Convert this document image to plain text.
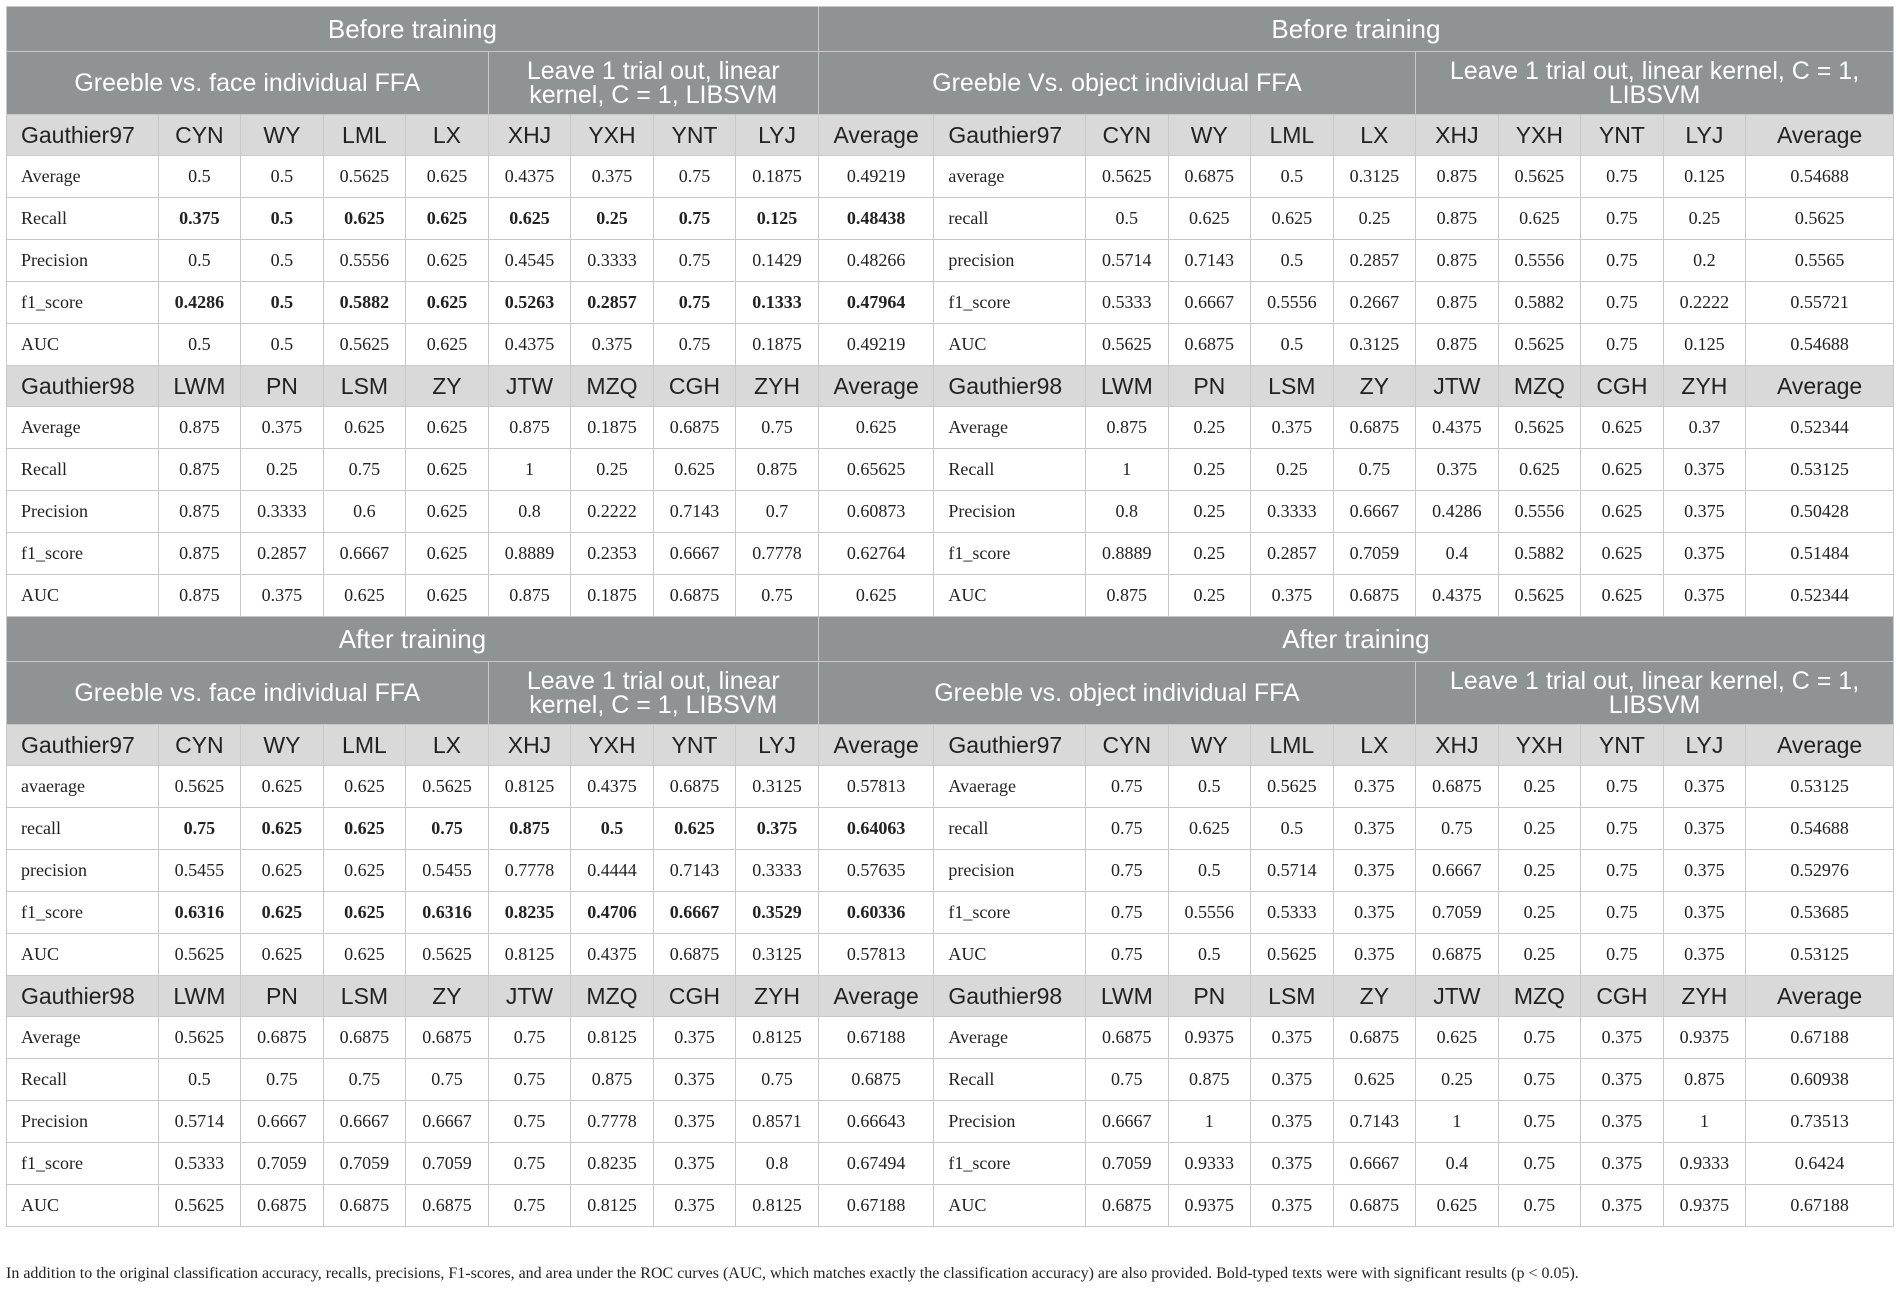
Before training									Before training										
Greeble vs. face individual FFA					Leave 1 trial out, linear kernel, C = 1, LIBSVM				Greeble Vs. object individual FFA						Leave 1 trial out, linear kernel, C = 1, LIBSVM				
Gauthier97	CYN	WY	LML	LX	XHJ	YXH	YNT	LYJ	Average	Gauthier97	CYN	WY	LML	LX	XHJ	YXH	YNT	LYJ	Average
Average	0.5	0.5	0.5625	0.625	0.4375	0.375	0.75	0.1875	0.49219	average	0.5625	0.6875	0.5	0.3125	0.875	0.5625	0.75	0.125	0.54688
Recall	0.375	0.5	0.625	0.625	0.625	0.25	0.75	0.125	0.48438	recall	0.5	0.625	0.625	0.25	0.875	0.625	0.75	0.25	0.5625
Precision	0.5	0.5	0.5556	0.625	0.4545	0.3333	0.75	0.1429	0.48266	precision	0.5714	0.7143	0.5	0.2857	0.875	0.5556	0.75	0.2	0.5565
f1_score	0.4286	0.5	0.5882	0.625	0.5263	0.2857	0.75	0.1333	0.47964	f1_score	0.5333	0.6667	0.5556	0.2667	0.875	0.5882	0.75	0.2222	0.55721
AUC	0.5	0.5	0.5625	0.625	0.4375	0.375	0.75	0.1875	0.49219	AUC	0.5625	0.6875	0.5	0.3125	0.875	0.5625	0.75	0.125	0.54688
Gauthier98	LWM	PN	LSM	ZY	JTW	MZQ	CGH	ZYH	Average	Gauthier98	LWM	PN	LSM	ZY	JTW	MZQ	CGH	ZYH	Average
Average	0.875	0.375	0.625	0.625	0.875	0.1875	0.6875	0.75	0.625	Average	0.875	0.25	0.375	0.6875	0.4375	0.5625	0.625	0.37	0.52344
Recall	0.875	0.25	0.75	0.625	1	0.25	0.625	0.875	0.65625	Recall	1	0.25	0.25	0.75	0.375	0.625	0.625	0.375	0.53125
Precision	0.875	0.3333	0.6	0.625	0.8	0.2222	0.7143	0.7	0.60873	Precision	0.8	0.25	0.3333	0.6667	0.4286	0.5556	0.625	0.375	0.50428
f1_score	0.875	0.2857	0.6667	0.625	0.8889	0.2353	0.6667	0.7778	0.62764	f1_score	0.8889	0.25	0.2857	0.7059	0.4	0.5882	0.625	0.375	0.51484
AUC	0.875	0.375	0.625	0.625	0.875	0.1875	0.6875	0.75	0.625	AUC	0.875	0.25	0.375	0.6875	0.4375	0.5625	0.625	0.375	0.52344
After training									After training										
Greeble vs. face individual FFA					Leave 1 trial out, linear kernel, C = 1, LIBSVM				Greeble vs. object individual FFA						Leave 1 trial out, linear kernel, C = 1, LIBSVM				
Gauthier97	CYN	WY	LML	LX	XHJ	YXH	YNT	LYJ	Average	Gauthier97	CYN	WY	LML	LX	XHJ	YXH	YNT	LYJ	Average
avaerage	0.5625	0.625	0.625	0.5625	0.8125	0.4375	0.6875	0.3125	0.57813	Avaerage	0.75	0.5	0.5625	0.375	0.6875	0.25	0.75	0.375	0.53125
recall	0.75	0.625	0.625	0.75	0.875	0.5	0.625	0.375	0.64063	recall	0.75	0.625	0.5	0.375	0.75	0.25	0.75	0.375	0.54688
precision	0.5455	0.625	0.625	0.5455	0.7778	0.4444	0.7143	0.3333	0.57635	precision	0.75	0.5	0.5714	0.375	0.6667	0.25	0.75	0.375	0.52976
f1_score	0.6316	0.625	0.625	0.6316	0.8235	0.4706	0.6667	0.3529	0.60336	f1_score	0.75	0.5556	0.5333	0.375	0.7059	0.25	0.75	0.375	0.53685
AUC	0.5625	0.625	0.625	0.5625	0.8125	0.4375	0.6875	0.3125	0.57813	AUC	0.75	0.5	0.5625	0.375	0.6875	0.25	0.75	0.375	0.53125
Gauthier98	LWM	PN	LSM	ZY	JTW	MZQ	CGH	ZYH	Average	Gauthier98	LWM	PN	LSM	ZY	JTW	MZQ	CGH	ZYH	Average
Average	0.5625	0.6875	0.6875	0.6875	0.75	0.8125	0.375	0.8125	0.67188	Average	0.6875	0.9375	0.375	0.6875	0.625	0.75	0.375	0.9375	0.67188
Recall	0.5	0.75	0.75	0.75	0.75	0.875	0.375	0.75	0.6875	Recall	0.75	0.875	0.375	0.625	0.25	0.75	0.375	0.875	0.60938
Precision	0.5714	0.6667	0.6667	0.6667	0.75	0.7778	0.375	0.8571	0.66643	Precision	0.6667	1	0.375	0.7143	1	0.75	0.375	1	0.73513
f1_score	0.5333	0.7059	0.7059	0.7059	0.75	0.8235	0.375	0.8	0.67494	f1_score	0.7059	0.9333	0.375	0.6667	0.4	0.75	0.375	0.9333	0.6424
AUC	0.5625	0.6875	0.6875	0.6875	0.75	0.8125	0.375	0.8125	0.67188	AUC	0.6875	0.9375	0.375	0.6875	0.625	0.75	0.375	0.9375	0.67188
In addition to the original classification accuracy, recalls, precisions, F1-scores, and area under the ROC curves (AUC, which matches exactly the classification accuracy) are also provided. Bold-typed texts were with significant results (p < 0.05).
